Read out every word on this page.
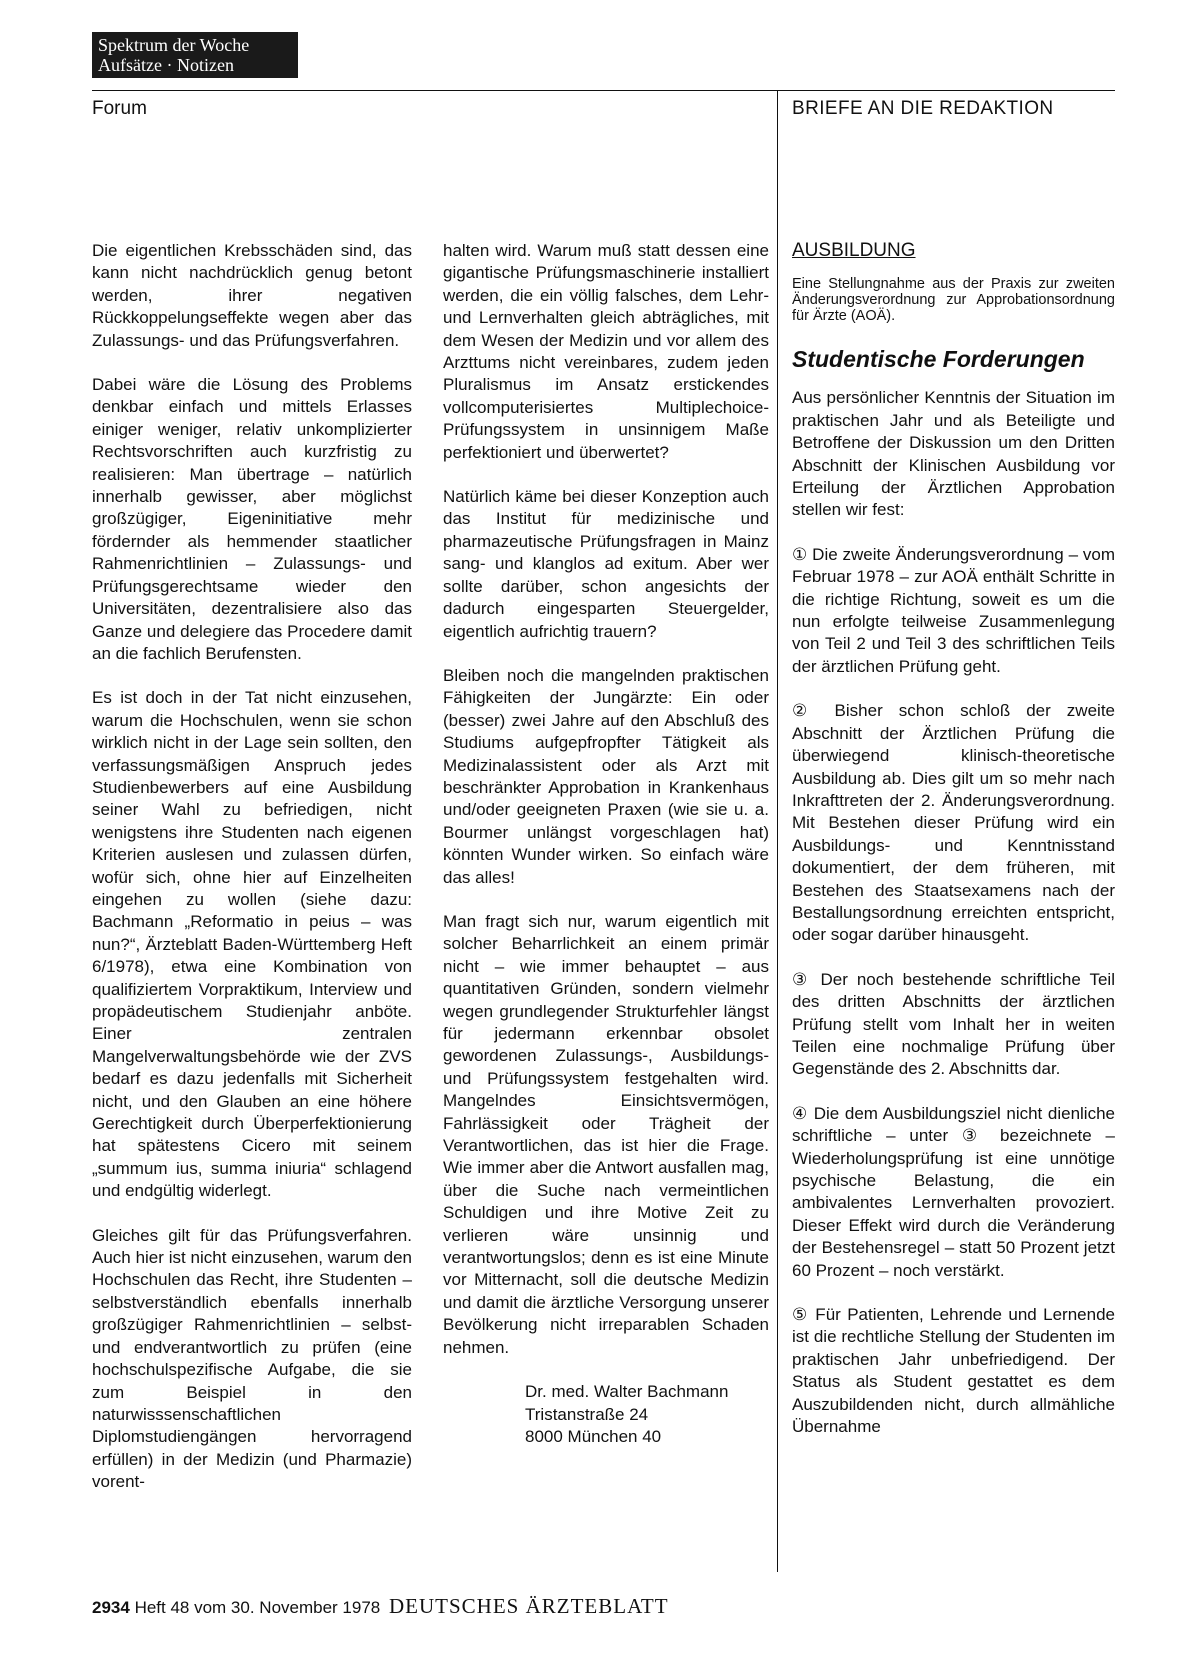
Spektrum der Woche
Aufsätze · Notizen
Forum	BRIEFE AN DIE REDAKTION

Die eigentlichen Krebsschäden sind, das kann nicht nachdrücklich genug betont werden, ihrer negativen Rückkoppelungseffekte wegen aber das Zulassungs- und das Prüfungsverfahren.

Dabei wäre die Lösung des Problems denkbar einfach und mittels Erlasses einiger weniger, relativ unkomplizierter Rechtsvorschriften auch kurzfristig zu realisieren: Man übertrage – natürlich innerhalb gewisser, aber möglichst großzügiger, Eigeninitiative mehr fördernder als hemmender staatlicher Rahmenrichtlinien – Zulassungs- und Prüfungsgerechtsame wieder den Universitäten, dezentralisiere also das Ganze und delegiere das Procedere damit an die fachlich Berufensten.

Es ist doch in der Tat nicht einzusehen, warum die Hochschulen, wenn sie schon wirklich nicht in der Lage sein sollten, den verfassungsmäßigen Anspruch jedes Studienbewerbers auf eine Ausbildung seiner Wahl zu befriedigen, nicht wenigstens ihre Studenten nach eigenen Kriterien auslesen und zulassen dürfen, wofür sich, ohne hier auf Einzelheiten eingehen zu wollen (siehe dazu: Bachmann „Reformatio in peius – was nun?“, Ärzteblatt Baden-Württemberg Heft 6/1978), etwa eine Kombination von qualifiziertem Vorpraktikum, Interview und propädeutischem Studienjahr anböte. Einer zentralen Mangelverwaltungsbehörde wie der ZVS bedarf es dazu jedenfalls mit Sicherheit nicht, und den Glauben an eine höhere Gerechtigkeit durch Überperfektionierung hat spätestens Cicero mit seinem „summum ius, summa iniuria“ schlagend und endgültig widerlegt.

Gleiches gilt für das Prüfungsverfahren. Auch hier ist nicht einzusehen, warum den Hochschulen das Recht, ihre Studenten – selbstverständlich ebenfalls innerhalb großzügiger Rahmenrichtlinien – selbst- und endverantwortlich zu prüfen (eine hochschulspezifische Aufgabe, die sie zum Beispiel in den naturwisssenschaftlichen Diplomstudiengängen hervorragend erfüllen) in der Medizin (und Pharmazie) vorent-

halten wird. Warum muß statt dessen eine gigantische Prüfungsmaschinerie installiert werden, die ein völlig falsches, dem Lehr- und Lernverhalten gleich abträgliches, mit dem Wesen der Medizin und vor allem des Arzttums nicht vereinbares, zudem jeden Pluralismus im Ansatz erstickendes vollcomputerisiertes Multiplechoice-Prüfungssystem in unsinnigem Maße perfektioniert und überwertet?

Natürlich käme bei dieser Konzeption auch das Institut für medizinische und pharmazeutische Prüfungsfragen in Mainz sang- und klanglos ad exitum. Aber wer sollte darüber, schon angesichts der dadurch eingesparten Steuergelder, eigentlich aufrichtig trauern?

Bleiben noch die mangelnden praktischen Fähigkeiten der Jungärzte: Ein oder (besser) zwei Jahre auf den Abschluß des Studiums aufgepfropfter Tätigkeit als Medizinalassistent oder als Arzt mit beschränkter Approbation in Krankenhaus und/oder geeigneten Praxen (wie sie u. a. Bourmer unlängst vorgeschlagen hat) könnten Wunder wirken. So einfach wäre das alles!

Man fragt sich nur, warum eigentlich mit solcher Beharrlichkeit an einem primär nicht – wie immer behauptet – aus quantitativen Gründen, sondern vielmehr wegen grundlegender Strukturfehler längst für jedermann erkennbar obsolet gewordenen Zulassungs-, Ausbildungs- und Prüfungssystem festgehalten wird. Mangelndes Einsichtsvermögen, Fahrlässigkeit oder Trägheit der Verantwortlichen, das ist hier die Frage. Wie immer aber die Antwort ausfallen mag, über die Suche nach vermeintlichen Schuldigen und ihre Motive Zeit zu verlieren wäre unsinnig und verantwortungslos; denn es ist eine Minute vor Mitternacht, soll die deutsche Medizin und damit die ärztliche Versorgung unserer Bevölkerung nicht irreparablen Schaden nehmen.

Dr. med. Walter Bachmann
Tristanstraße 24
8000 München 40
AUSBILDUNG

Eine Stellungnahme aus der Praxis zur zweiten Änderungsverordnung zur Approbationsordnung für Ärzte (AOÄ).

Studentische Forderungen

Aus persönlicher Kenntnis der Situation im praktischen Jahr und als Beteiligte und Betroffene der Diskussion um den Dritten Abschnitt der Klinischen Ausbildung vor Erteilung der Ärztlichen Approbation stellen wir fest:

① Die zweite Änderungsverordnung – vom Februar 1978 – zur AOÄ enthält Schritte in die richtige Richtung, soweit es um die nun erfolgte teilweise Zusammenlegung von Teil 2 und Teil 3 des schriftlichen Teils der ärztlichen Prüfung geht.

② Bisher schon schloß der zweite Abschnitt der Ärztlichen Prüfung die überwiegend klinisch-theoretische Ausbildung ab. Dies gilt um so mehr nach Inkrafttreten der 2. Änderungsverordnung. Mit Bestehen dieser Prüfung wird ein Ausbildungs- und Kenntnisstand dokumentiert, der dem früheren, mit Bestehen des Staatsexamens nach der Bestallungsordnung erreichten entspricht, oder sogar darüber hinausgeht.

③ Der noch bestehende schriftliche Teil des dritten Abschnitts der ärztlichen Prüfung stellt vom Inhalt her in weiten Teilen eine nochmalige Prüfung über Gegenstände des 2. Abschnitts dar.

④ Die dem Ausbildungsziel nicht dienliche schriftliche – unter ③ bezeichnete – Wiederholungsprüfung ist eine unnötige psychische Belastung, die ein ambivalentes Lernverhalten provoziert. Dieser Effekt wird durch die Veränderung der Bestehensregel – statt 50 Prozent jetzt 60 Prozent – noch verstärkt.

⑤ Für Patienten, Lehrende und Lernende ist die rechtliche Stellung der Studenten im praktischen Jahr unbefriedigend. Der Status als Student gestattet es dem Auszubildenden nicht, durch allmähliche Übernahme

2934 Heft 48 vom 30. November 1978 DEUTSCHES ÄRZTEBLATT
